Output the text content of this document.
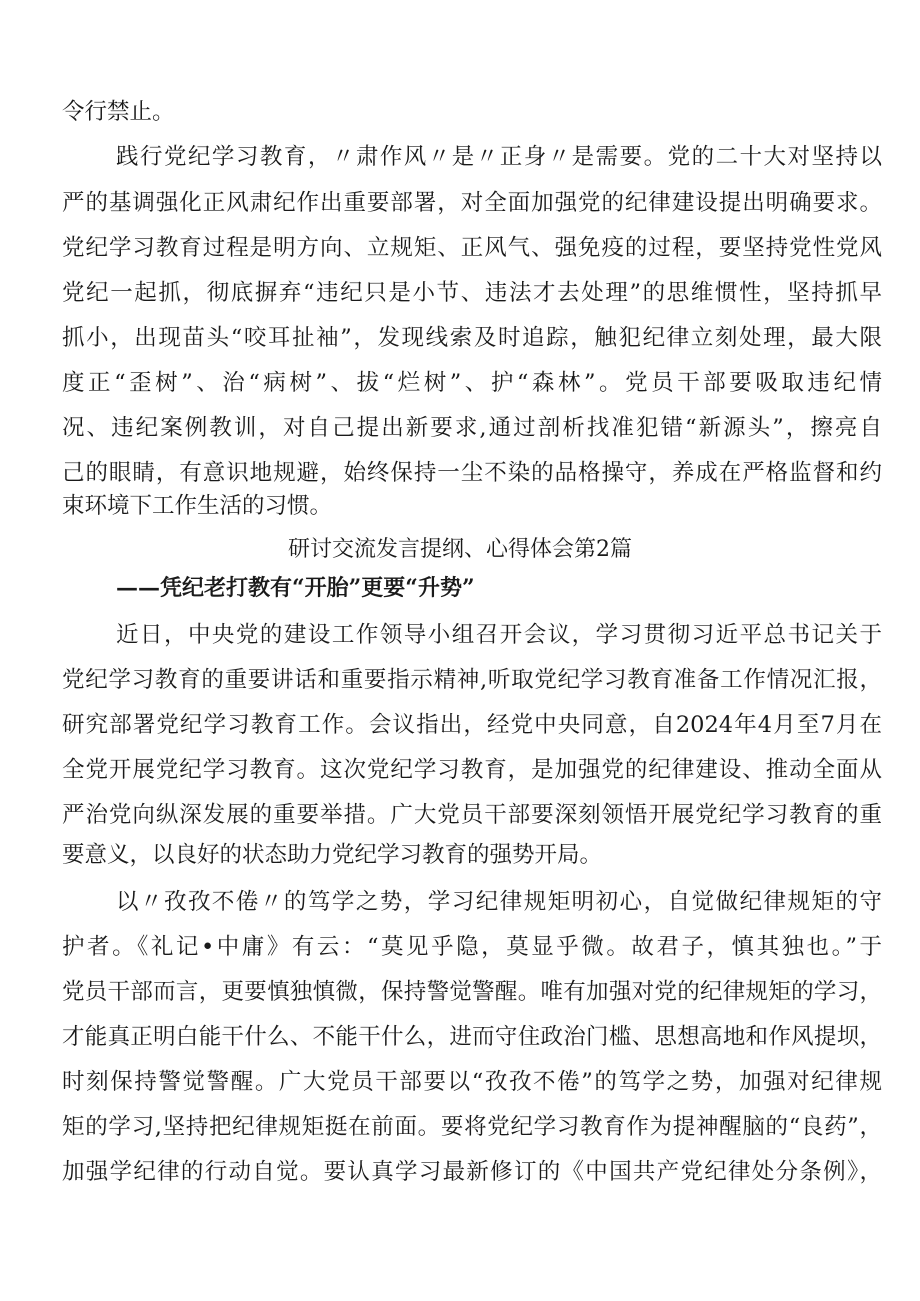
令行禁止。
践行党纪学习教育，〃肃作风〃是〃正身〃是需要。党的二十大对坚持以
严的基调强化正风肃纪作出重要部署，对全面加强党的纪律建设提出明确要求。
党纪学习教育过程是明方向、立规矩、正风气、强免疫的过程，要坚持党性党风
党纪一起抓，彻底摒弃“违纪只是小节、违法才去处理”的思维惯性，坚持抓早
抓小，出现苗头“咬耳扯袖”，发现线索及时追踪，触犯纪律立刻处理，最大限
度正“歪树”、治“病树”、拔“烂树”、护“森林”。党员干部要吸取违纪情
况、违纪案例教训，对自己提出新要求,通过剖析找准犯错“新源头”，擦亮自
己的眼睛，有意识地规避，始终保持一尘不染的品格操守，养成在严格监督和约
束环境下工作生活的习惯。
研讨交流发言提纲、心得体会第2篇
——凭纪老打教有“开胎”更要“升势”
近日，中央党的建设工作领导小组召开会议，学习贯彻习近平总书记关于
党纪学习教育的重要讲话和重要指示精神,听取党纪学习教育准备工作情况汇报，
研究部署党纪学习教育工作。会议指出，经党中央同意，自2024年4月至7月在
全党开展党纪学习教育。这次党纪学习教育，是加强党的纪律建设、推动全面从
严治党向纵深发展的重要举措。广大党员干部要深刻领悟开展党纪学习教育的重
要意义，以良好的状态助力党纪学习教育的强势开局。
以〃孜孜不倦〃的笃学之势，学习纪律规矩明初心，自觉做纪律规矩的守
护者。《礼记•中庸》有云：“莫见乎隐，莫显乎微。故君子，慎其独也。”于
党员干部而言，更要慎独慎微，保持警觉警醒。唯有加强对党的纪律规矩的学习，
才能真正明白能干什么、不能干什么，进而守住政治门槛、思想高地和作风提坝，
时刻保持警觉警醒。广大党员干部要以“孜孜不倦”的笃学之势，加强对纪律规
矩的学习,坚持把纪律规矩挺在前面。要将党纪学习教育作为提神醒脑的“良药”，
加强学纪律的行动自觉。要认真学习最新修订的《中国共产党纪律处分条例》，
